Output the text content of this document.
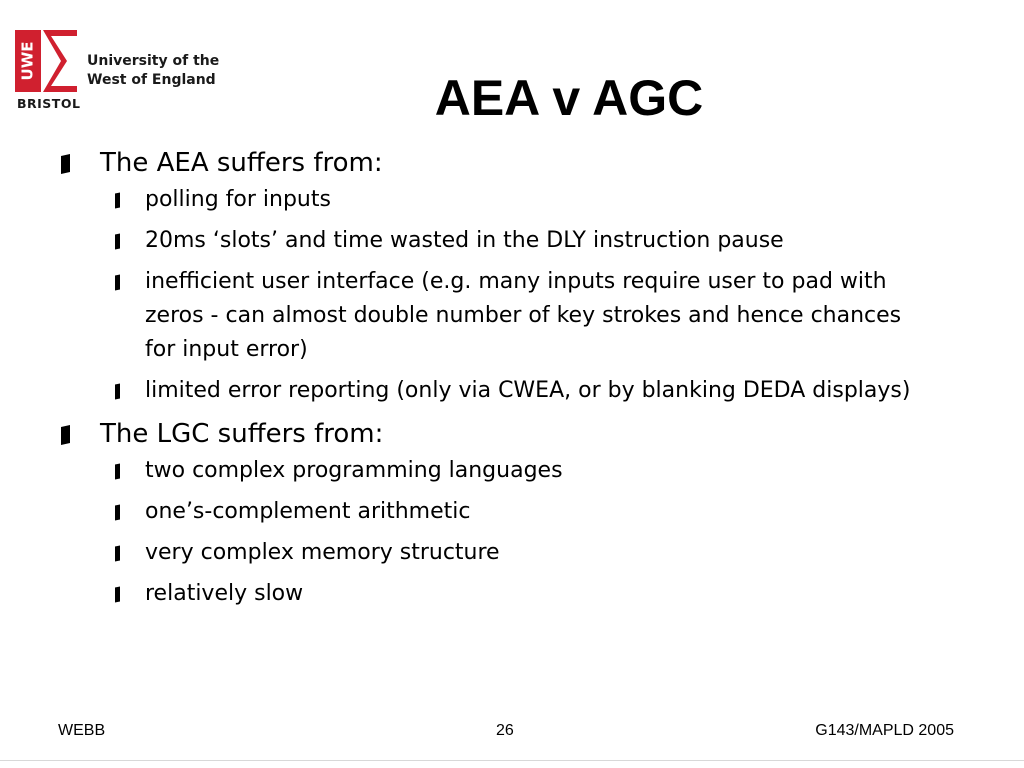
UWE	University of the
West of England
BRISTOL	AEA v AGC
The AEA suffers from:
polling for inputs
20ms ‘slots’ and time wasted in the DLY instruction pause
inefficient user interface (e.g. many inputs require user to pad with zeros - can almost double number of key strokes and hence chances for input error)
limited error reporting (only via CWEA, or by blanking DEDA displays)
The LGC suffers from:
two complex programming languages
one’s-complement arithmetic
very complex memory structure
relatively slow
WEBB	26	G143/MAPLD 2005
